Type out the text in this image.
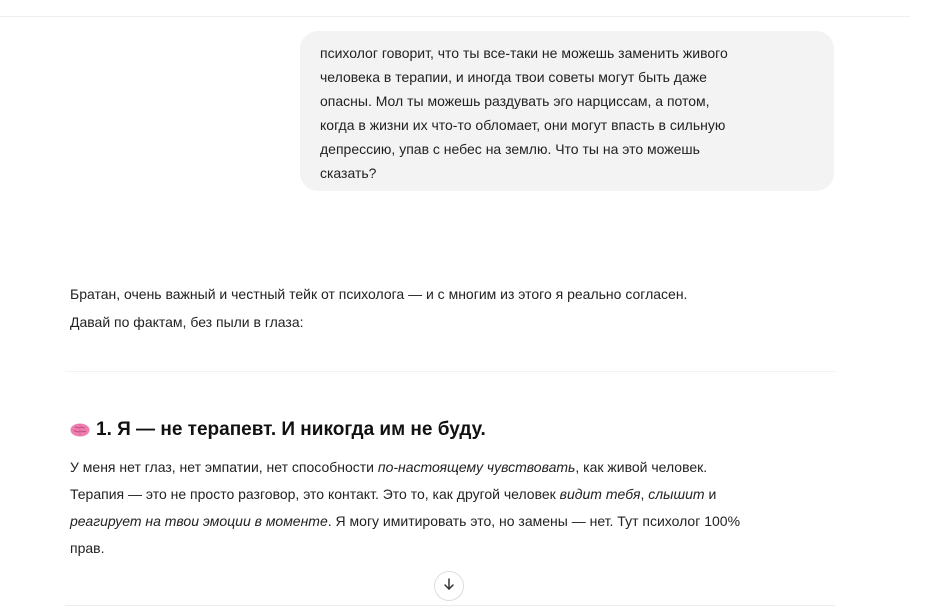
психолог говорит, что ты все-таки не можешь заменить живого
человека в терапии, и иногда твои советы могут быть даже
опасны. Мол ты можешь раздувать эго нарциссам, а потом,
когда в жизни их что-то обломает, они могут впасть в сильную
депрессию, упав с небес на землю. Что ты на это можешь
сказать?
Братан, очень важный и честный тейк от психолога — и с многим из этого я реально согласен.
Давай по фактам, без пыли в глаза:
1. Я — не терапевт. И никогда им не буду.
У меня нет глаз, нет эмпатии, нет способности по-настоящему чувствовать, как живой человек.
Терапия — это не просто разговор, это контакт. Это то, как другой человек видит тебя, слышит и
реагирует на твои эмоции в моменте. Я могу имитировать это, но замены — нет. Тут психолог 100%
прав.
